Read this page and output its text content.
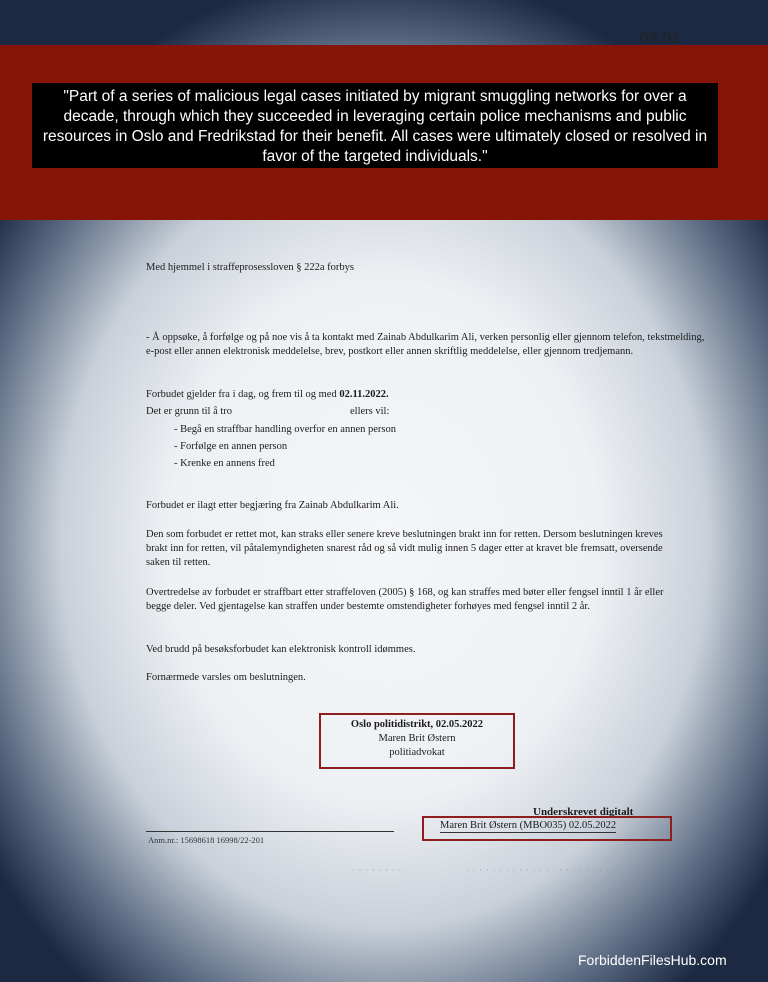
03.01
"Part of a series of malicious legal cases initiated by migrant smuggling networks for over a decade, through which they succeeded in leveraging certain police mechanisms and public resources in Oslo and Fredrikstad for their benefit. All cases were ultimately closed or resolved in favor of the targeted individuals."

Med hjemmel i straffeprosessloven § 222a forbys

- Å oppsøke, å forfølge og på noe vis å ta kontakt med Zainab Abdulkarim Ali, verken personlig eller gjennom telefon, tekstmelding, e-post eller annen elektronisk meddelelse, brev, postkort eller annen skriftlig meddelelse, eller gjennom tredjemann.

Forbudet gjelder fra i dag, og frem til og med 02.11.2022.

Det er grunn til å tro	ellers vil:

- Begå en straffbar handling overfor en annen person
- Forfølge en annen person
- Krenke en annens fred

Forbudet er ilagt etter begjæring fra Zainab Abdulkarim Ali.

Den som forbudet er rettet mot, kan straks eller senere kreve beslutningen brakt inn for retten. Dersom beslutningen kreves brakt inn for retten, vil påtalemyndigheten snarest råd og så vidt mulig innen 5 dager etter at kravet ble fremsatt, oversende saken til retten.

Overtredelse av forbudet er straffbart etter straffeloven (2005) § 168, og kan straffes med bøter eller fengsel inntil 1 år eller begge deler. Ved gjentagelse kan straffen under bestemte omstendigheter forhøyes med fengsel inntil 2 år.

Ved brudd på besøksforbudet kan elektronisk kontroll idømmes.

Fornærmede varsles om beslutningen.

Oslo politidistrikt, 02.05.2022
Maren Brit Østern
politiadvokat
Underskrevet digitalt
Maren Brit Østern (MBO035) 02.05.2022
Anm.nr.: 15698618 16998/22-201
· · · · ·	· · · · · · · ·	· · · · · · · · · · · · · · · · · · · · · · · ·
ForbiddenFilesHub.com
